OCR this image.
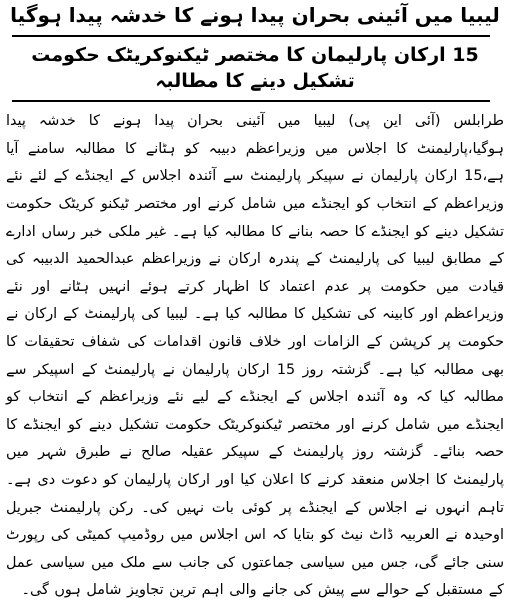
لیبیا میں آئینی بحران پیدا ہونے کا خدشہ پیدا ہوگیا
15 ارکان پارلیمان کا مختصر ٹیکنوکریٹک حکومت تشکیل دینے کا مطالبہ

طرابلس (آئی این پی) لیبیا میں آئینی بحران پیدا ہونے کا خدشہ پیدا ہوگیا،پارلیمنٹ کا اجلاس میں وزیراعظم دبیبہ کو ہٹانے کا مطالبہ سامنے آیا ہے،15 ارکان پارلیمان نے سپیکر پارلیمنٹ سے آئندہ اجلاس کے ایجنڈے کے لئے نئے وزیراعظم کے انتخاب کو ایجنڈے میں شامل کرنے اور مختصر ٹیکنو کریٹک حکومت تشکیل دینے کو ایجنڈے کا حصہ بنانے کا مطالبہ کیا ہے۔ غیر ملکی خبر رساں ادارے کے مطابق لیبیا کی پارلیمنٹ کے پندرہ ارکان نے وزیراعظم عبدالحمید الدبیبہ کی قیادت میں حکومت پر عدم اعتماد کا اظہار کرتے ہوئے انہیں ہٹانے اور نئے وزیراعظم اور کابینہ کی تشکیل کا مطالبہ کیا ہے۔ لیبیا کی پارلیمنٹ کے ارکان نے حکومت پر کرپشن کے الزامات اور خلاف قانون اقدامات کی شفاف تحقیقات کا بھی مطالبہ کیا ہے۔ گزشتہ روز 15 ارکان پارلیمان نے پارلیمنٹ کے اسپیکر سے مطالبہ کیا کہ وہ آئندہ اجلاس کے ایجنڈے کے لیے نئے وزیراعظم کے انتخاب کو ایجنڈے میں شامل کرنے اور مختصر ٹیکنوکریٹک حکومت تشکیل دینے کو ایجنڈے کا حصہ بنائے۔ گزشتہ روز پارلیمنٹ کے سپیکر عقیلہ صالح نے طبرق شہر میں پارلیمنٹ کا اجلاس منعقد کرنے کا اعلان کیا اور ارکان پارلیمان کو دعوت دی ہے۔ تاہم انہوں نے اجلاس کے ایجنڈے پر کوئی بات نہیں کی۔ رکن پارلیمنٹ جبریل اوحیدہ نے العربیہ ڈاٹ نیٹ کو بتایا کہ اس اجلاس میں روڈمیپ کمیٹی کی رپورٹ سنی جائے گی، جس میں سیاسی جماعتوں کی جانب سے ملک میں سیاسی عمل کے مستقبل کے حوالے سے پیش کی جانے والی اہم ترین تجاویز شامل ہوں گی۔
